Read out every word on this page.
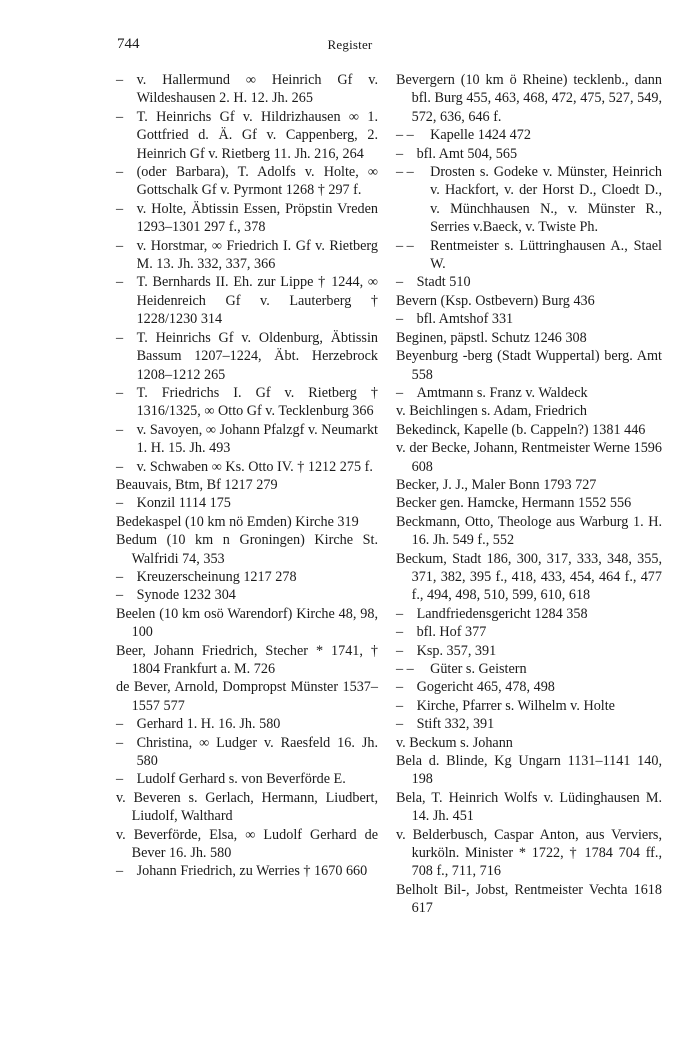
744	Register
– v. Hallermund ∞ Heinrich Gf v. Wildeshausen 2. H. 12. Jh. 265
– T. Heinrichs Gf v. Hildrizhausen ∞ 1. Gottfried d. Ä. Gf v. Cappenberg, 2. Heinrich Gf v. Rietberg 11. Jh. 216, 264
– (oder Barbara), T. Adolfs v. Holte, ∞ Gottschalk Gf v. Pyrmont 1268 † 297 f.
– v. Holte, Äbtissin Essen, Pröpstin Vreden 1293–1301 297 f., 378
– v. Horstmar, ∞ Friedrich I. Gf v. Rietberg M. 13. Jh. 332, 337, 366
– T. Bernhards II. Eh. zur Lippe † 1244, ∞ Heidenreich Gf v. Lauterberg † 1228/1230 314
– T. Heinrichs Gf v. Oldenburg, Äbtissin Bassum 1207–1224, Äbt. Herzebrock 1208–1212 265
– T. Friedrichs I. Gf v. Rietberg † 1316/1325, ∞ Otto Gf v. Tecklenburg 366
– v. Savoyen, ∞ Johann Pfalzgf v. Neumarkt 1. H. 15. Jh. 493
– v. Schwaben ∞ Ks. Otto IV. † 1212 275 f.
Beauvais, Btm, Bf 1217 279
– Konzil 1114 175
Bedekaspel (10 km nö Emden) Kirche 319
Bedum (10 km n Groningen) Kirche St. Walfridi 74, 353
– Kreuzerscheinung 1217 278
– Synode 1232 304
Beelen (10 km osö Warendorf) Kirche 48, 98, 100
Beer, Johann Friedrich, Stecher * 1741, † 1804 Frankfurt a. M. 726
de Bever, Arnold, Dompropst Münster 1537–1557 577
– Gerhard 1. H. 16. Jh. 580
– Christina, ∞ Ludger v. Raesfeld 16. Jh. 580
– Ludolf Gerhard s. von Beverförde E.
v. Beveren s. Gerlach, Hermann, Liudbert, Liudolf, Walthard
v. Beverförde, Elsa, ∞ Ludolf Gerhard de Bever 16. Jh. 580
– Johann Friedrich, zu Werries † 1670 660
Bevergern (10 km ö Rheine) tecklenb., dann bfl. Burg 455, 463, 468, 472, 475, 527, 549, 572, 636, 646 f.
– – Kapelle 1424 472
– bfl. Amt 504, 565
– – Drosten s. Godeke v. Münster, Heinrich v. Hackfort, v. der Horst D., Cloedt D., v. Münchhausen N., v. Münster R., Serries v.Baeck, v. Twiste Ph.
– – Rentmeister s. Lüttringhausen A., Stael W.
– Stadt 510
Bevern (Ksp. Ostbevern) Burg 436
– bfl. Amtshof 331
Beginen, päpstl. Schutz 1246 308
Beyenburg -berg (Stadt Wuppertal) berg. Amt 558
– Amtmann s. Franz v. Waldeck
v. Beichlingen s. Adam, Friedrich
Bekedinck, Kapelle (b. Cappeln?) 1381 446
v. der Becke, Johann, Rentmeister Werne 1596 608
Becker, J. J., Maler Bonn 1793 727
Becker gen. Hamcke, Hermann 1552 556
Beckmann, Otto, Theologe aus Warburg 1. H. 16. Jh. 549 f., 552
Beckum, Stadt 186, 300, 317, 333, 348, 355, 371, 382, 395 f., 418, 433, 454, 464 f., 477 f., 494, 498, 510, 599, 610, 618
– Landfriedensgericht 1284 358
– bfl. Hof 377
– Ksp. 357, 391
– – Güter s. Geistern
– Gogericht 465, 478, 498
– Kirche, Pfarrer s. Wilhelm v. Holte
– Stift 332, 391
v. Beckum s. Johann
Bela d. Blinde, Kg Ungarn 1131–1141 140, 198
Bela, T. Heinrich Wolfs v. Lüdinghausen M. 14. Jh. 451
v. Belderbusch, Caspar Anton, aus Verviers, kurköln. Minister * 1722, † 1784 704 ff., 708 f., 711, 716
Belholt Bil-, Jobst, Rentmeister Vechta 1618 617
